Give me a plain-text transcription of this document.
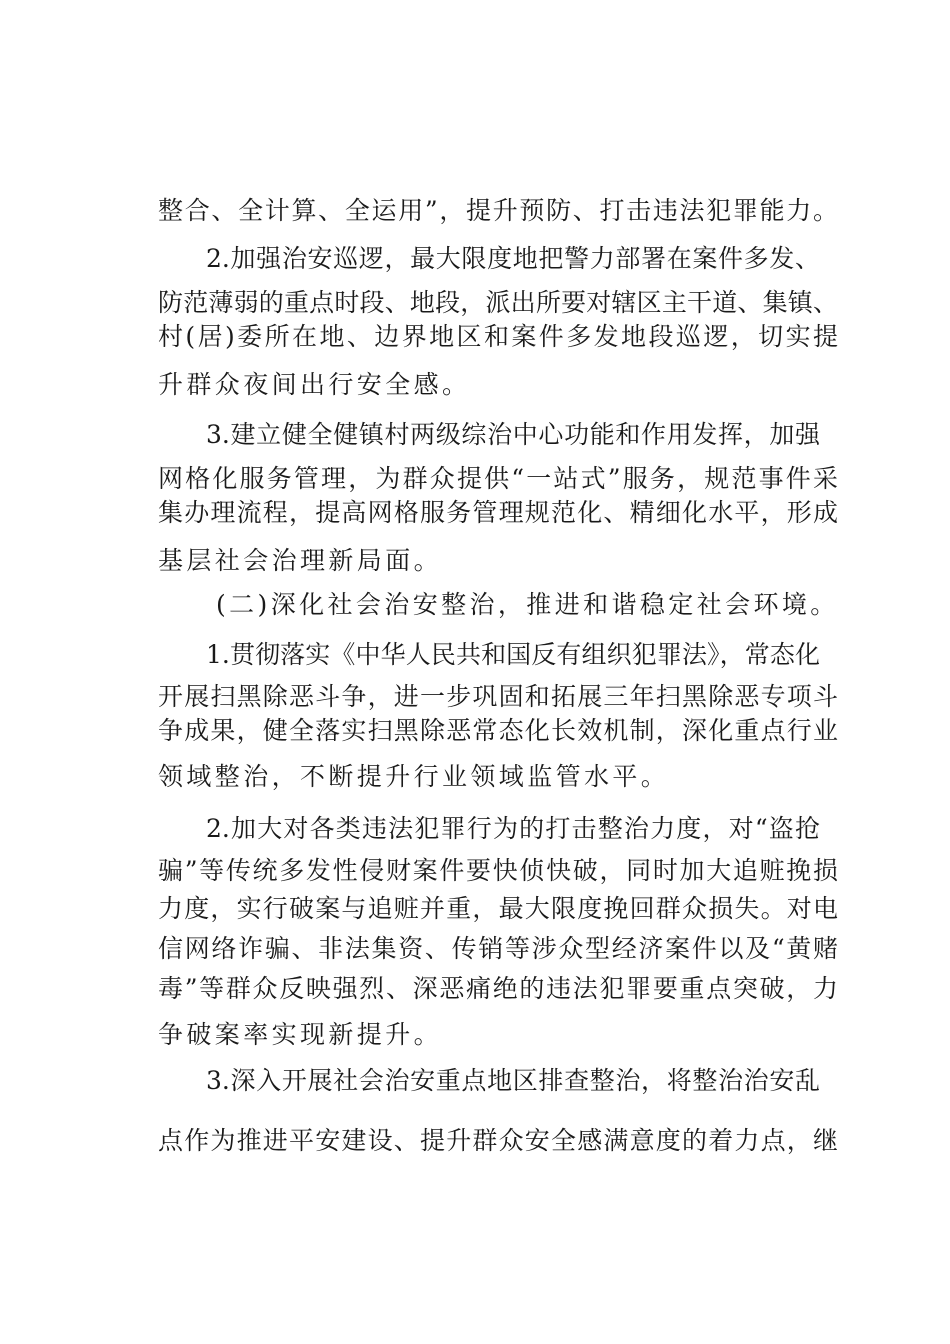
整合、全计算、全运用”，提升预防、打击违法犯罪能力。
2.加强治安巡逻，最大限度地把警力部署在案件多发、
防范薄弱的重点时段、地段，派出所要对辖区主干道、集镇、
村(居)委所在地、边界地区和案件多发地段巡逻，切实提
升群众夜间出行安全感。
3.建立健全健镇村两级综治中心功能和作用发挥，加强
网格化服务管理，为群众提供“一站式”服务，规范事件采
集办理流程，提高网格服务管理规范化、精细化水平，形成
基层社会治理新局面。
(二)深化社会治安整治，推进和谐稳定社会环境。
1.贯彻落实《中华人民共和国反有组织犯罪法》，常态化
开展扫黑除恶斗争，进一步巩固和拓展三年扫黑除恶专项斗
争成果，健全落实扫黑除恶常态化长效机制，深化重点行业
领域整治，不断提升行业领域监管水平。
2.加大对各类违法犯罪行为的打击整治力度，对“盗抢
骗”等传统多发性侵财案件要快侦快破，同时加大追赃挽损
力度，实行破案与追赃并重，最大限度挽回群众损失。对电
信网络诈骗、非法集资、传销等涉众型经济案件以及“黄赌
毒”等群众反映强烈、深恶痛绝的违法犯罪要重点突破，力
争破案率实现新提升。
3.深入开展社会治安重点地区排查整治，将整治治安乱
点作为推进平安建设、提升群众安全感满意度的着力点，继
